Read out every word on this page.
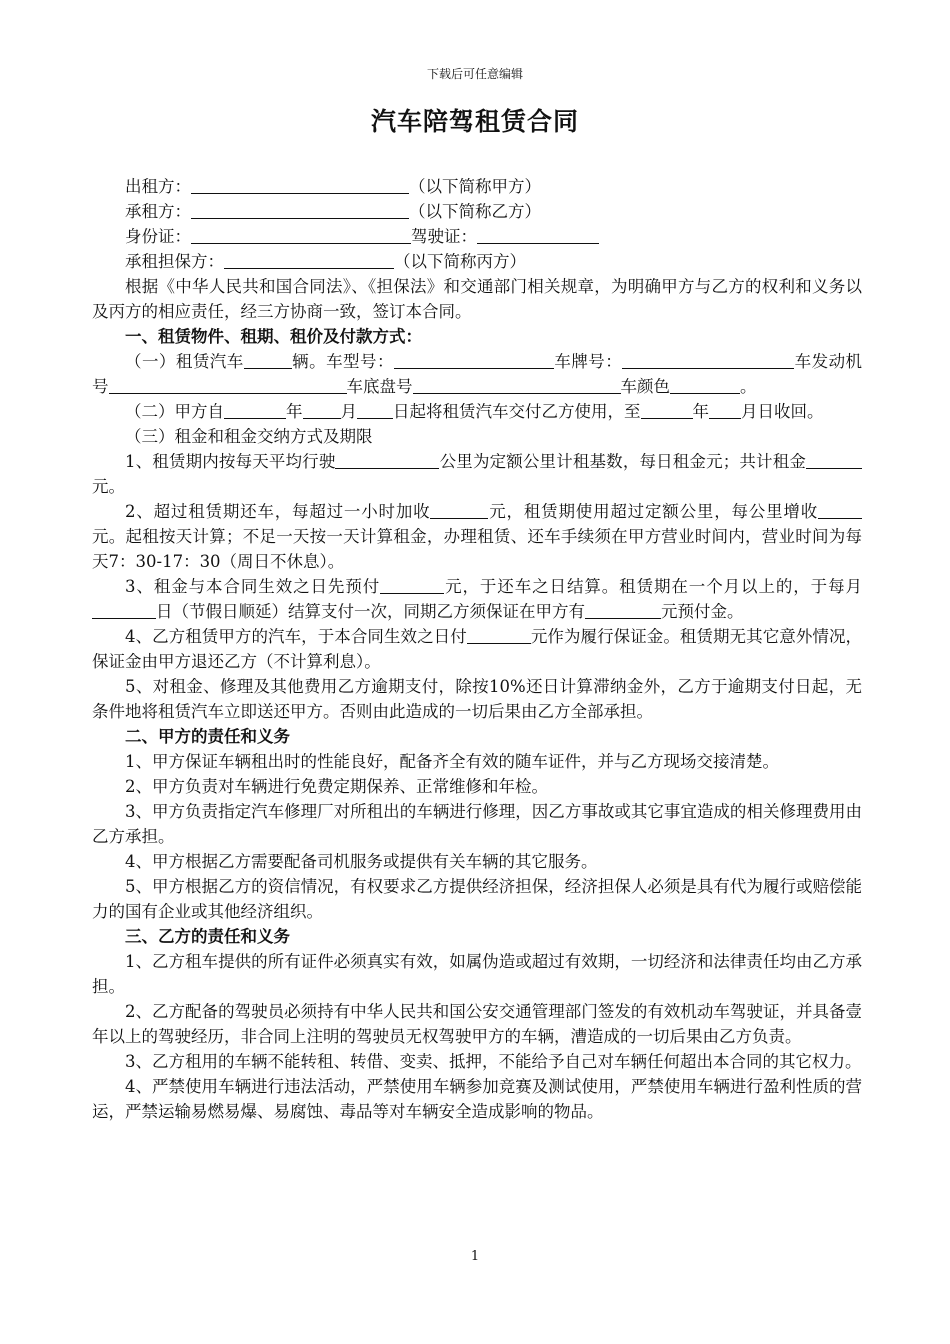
下载后可任意编辑
汽车陪驾租赁合同

出租方：	（以下简称甲方）

承租方：	（以下简称乙方）

身份证：	驾驶证：

承租担保方：	（以下简称丙方）

根据《中华人民共和国合同法》、《担保法》和交通部门相关规章，为明确甲方与乙方的权利和义务以及丙方的相应责任，经三方协商一致，签订本合同。

一、租赁物件、租期、租价及付款方式：

（一）租赁汽车	辆。车型号：	车牌号：	车发动机号	车底盘号	车颜色	。

（二）甲方自	年 月 日起将租赁汽车交付乙方使用，至	年 月日收回。

（三）租金和租金交纳方式及期限

1、租赁期内按每天平均行驶	公里为定额公里计租基数，每日租金元；共计租金元。

2、超过租赁期还车，每超过一小时加收	元，租赁期使用超过定额公里，每公里增收元。起租按天计算；不足一天按一天计算租金，办理租赁、还车手续须在甲方营业时间内，营业时间为每天7：30-17：30（周日不休息）。

3、租金与本合同生效之日先预付	元，于还车之日结算。租赁期在一个月以上的，于每月日（节假日顺延）结算支付一次，同期乙方须保证在甲方有	元预付金。

4、乙方租赁甲方的汽车，于本合同生效之日付	元作为履行保证金。租赁期无其它意外情况，保证金由甲方退还乙方（不计算利息）。

5、对租金、修理及其他费用乙方逾期支付，除按10%还日计算滞纳金外，乙方于逾期支付日起，无条件地将租赁汽车立即送还甲方。否则由此造成的一切后果由乙方全部承担。

二、甲方的责任和义务

1、甲方保证车辆租出时的性能良好，配备齐全有效的随车证件，并与乙方现场交接清楚。

2、甲方负责对车辆进行免费定期保养、正常维修和年检。

3、甲方负责指定汽车修理厂对所租出的车辆进行修理，因乙方事故或其它事宜造成的相关修理费用由乙方承担。

4、甲方根据乙方需要配备司机服务或提供有关车辆的其它服务。

5、甲方根据乙方的资信情况，有权要求乙方提供经济担保，经济担保人必须是具有代为履行或赔偿能力的国有企业或其他经济组织。

三、乙方的责任和义务

1、乙方租车提供的所有证件必须真实有效，如属伪造或超过有效期，一切经济和法律责任均由乙方承担。

2、乙方配备的驾驶员必须持有中华人民共和国公安交通管理部门签发的有效机动车驾驶证，并具备壹年以上的驾驶经历，非合同上注明的驾驶员无权驾驶甲方的车辆，漕造成的一切后果由乙方负责。

3、乙方租用的车辆不能转租、转借、变卖、抵押，不能给予自己对车辆任何超出本合同的其它权力。

4、严禁使用车辆进行违法活动，严禁使用车辆参加竞赛及测试使用，严禁使用车辆进行盈利性质的营运，严禁运输易燃易爆、易腐蚀、毒品等对车辆安全造成影响的物品。

1
